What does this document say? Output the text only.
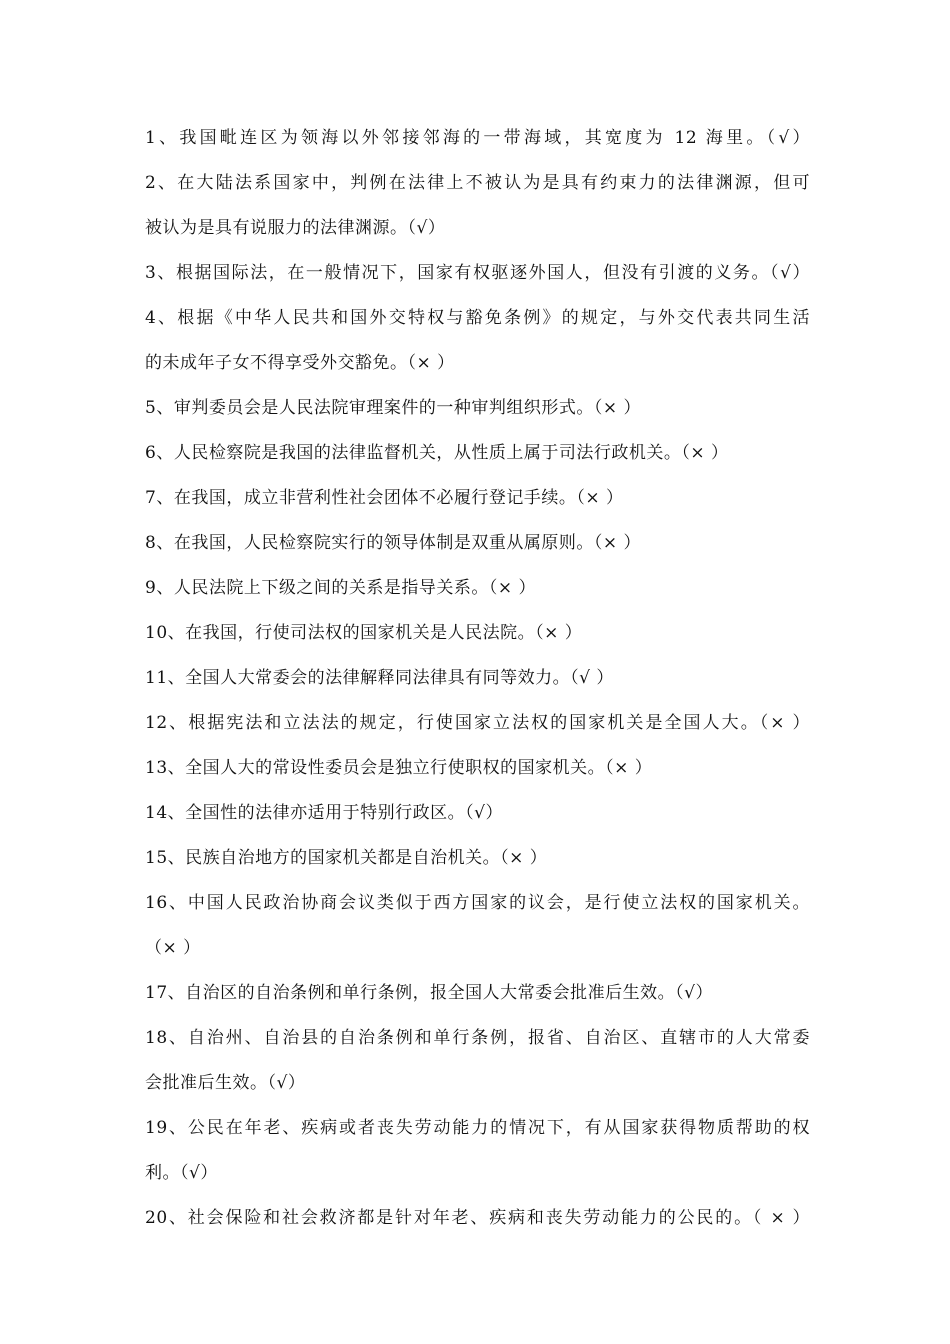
1、我国毗连区为领海以外邻接邻海的一带海域，其宽度为 12 海里。（√）
2、在大陆法系国家中，判例在法律上不被认为是具有约束力的法律渊源，但可
被认为是具有说服力的法律渊源。（√）
3、根据国际法，在一般情况下，国家有权驱逐外国人，但没有引渡的义务。（√）
4、根据《中华人民共和国外交特权与豁免条例》的规定，与外交代表共同生活
的未成年子女不得享受外交豁免。（× ）
5、审判委员会是人民法院审理案件的一种审判组织形式。（× ）
6、人民检察院是我国的法律监督机关，从性质上属于司法行政机关。（× ）
7、在我国，成立非营利性社会团体不必履行登记手续。（× ）
8、在我国，人民检察院实行的领导体制是双重从属原则。（× ）
9、人民法院上下级之间的关系是指导关系。（× ）
10、在我国，行使司法权的国家机关是人民法院。（× ）
11、全国人大常委会的法律解释同法律具有同等效力。（√ ）
12、根据宪法和立法法的规定，行使国家立法权的国家机关是全国人大。（× ）
13、全国人大的常设性委员会是独立行使职权的国家机关。（× ）
14、全国性的法律亦适用于特别行政区。（√）
15、民族自治地方的国家机关都是自治机关。（× ）
16、中国人民政治协商会议类似于西方国家的议会，是行使立法权的国家机关。
（× ）
17、自治区的自治条例和单行条例，报全国人大常委会批准后生效。（√）
18、自治州、自治县的自治条例和单行条例，报省、自治区、直辖市的人大常委
会批准后生效。（√）
19、公民在年老、疾病或者丧失劳动能力的情况下，有从国家获得物质帮助的权
利。（√）
20、社会保险和社会救济都是针对年老、疾病和丧失劳动能力的公民的。（ × ）
